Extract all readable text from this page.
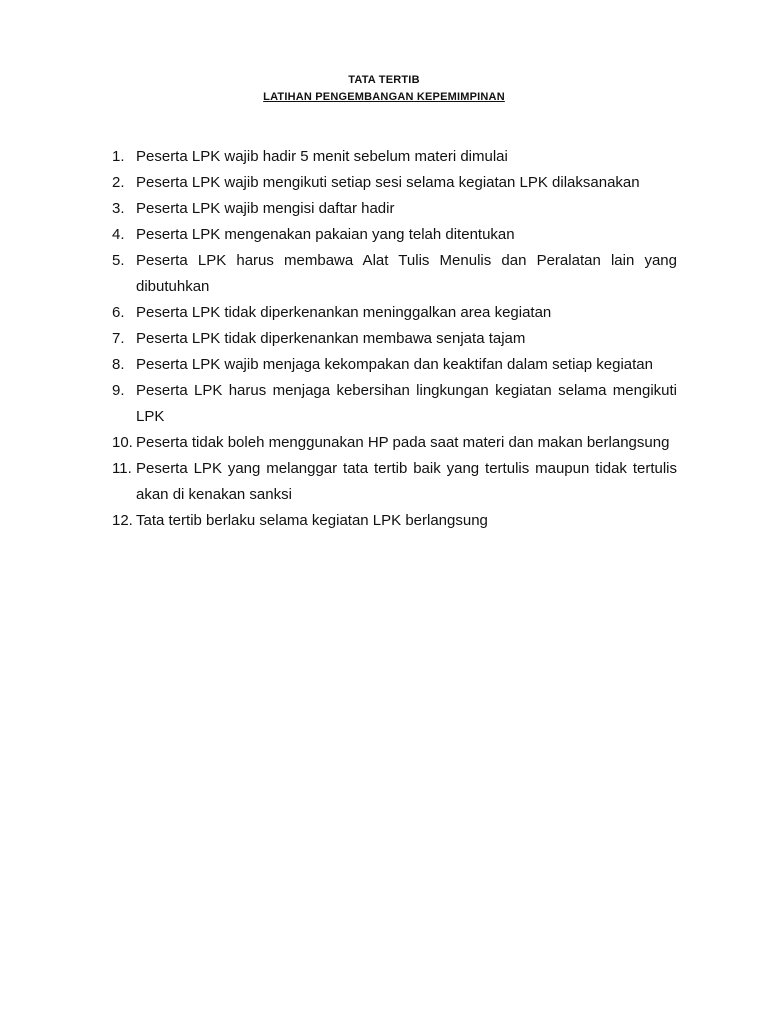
TATA TERTIB
LATIHAN PENGEMBANGAN KEPEMIMPINAN
1. Peserta LPK wajib hadir 5 menit sebelum materi dimulai
2. Peserta LPK wajib mengikuti setiap sesi selama kegiatan LPK dilaksanakan
3. Peserta LPK wajib mengisi daftar hadir
4. Peserta LPK mengenakan pakaian yang telah ditentukan
5. Peserta LPK harus membawa Alat Tulis Menulis dan Peralatan lain yang dibutuhkan
6. Peserta LPK tidak diperkenankan meninggalkan area kegiatan
7. Peserta LPK tidak diperkenankan membawa senjata tajam
8. Peserta LPK wajib menjaga kekompakan dan keaktifan dalam setiap kegiatan
9. Peserta LPK harus menjaga kebersihan lingkungan kegiatan selama mengikuti LPK
10. Peserta tidak boleh menggunakan HP pada saat materi dan makan berlangsung
11. Peserta LPK yang melanggar tata tertib baik yang tertulis maupun tidak tertulis akan di kenakan sanksi
12. Tata tertib berlaku selama kegiatan LPK berlangsung
